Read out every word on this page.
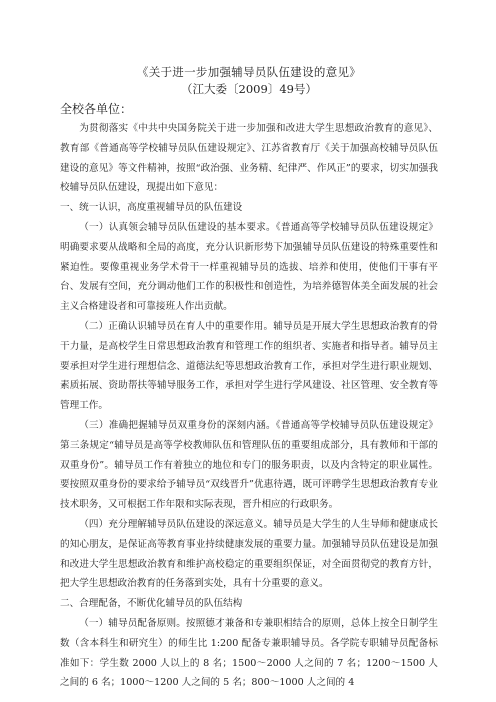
《关于进一步加强辅导员队伍建设的意见》
（江大委〔2009〕49号）
全校各单位：

为贯彻落实《中共中央国务院关于进一步加强和改进大学生思想政治教育的意见》、教育部《普通高等学校辅导员队伍建设规定》、江苏省教育厅《关于加强高校辅导员队伍建设的意见》等文件精神，按照“政治强、业务精、纪律严、作风正”的要求，切实加强我校辅导员队伍建设，现提出如下意见：

一、统一认识，高度重视辅导员的队伍建设

（一）认真领会辅导员队伍建设的基本要求。《普通高等学校辅导员队伍建设规定》明确要求要从战略和全局的高度，充分认识新形势下加强辅导员队伍建设的特殊重要性和紧迫性。要像重视业务学术骨干一样重视辅导员的选拔、培养和使用，使他们干事有平台、发展有空间，充分调动他们工作的积极性和创造性，为培养德智体美全面发展的社会主义合格建设者和可靠接班人作出贡献。

（二）正确认识辅导员在育人中的重要作用。辅导员是开展大学生思想政治教育的骨干力量，是高校学生日常思想政治教育和管理工作的组织者、实施者和指导者。辅导员主要承担对学生进行理想信念、道德法纪等思想政治教育工作，承担对学生进行职业规划、素质拓展、资助帮扶等辅导服务工作，承担对学生进行学风建设、社区管理、安全教育等管理工作。

（三）准确把握辅导员双重身份的深刻内涵。《普通高等学校辅导员队伍建设规定》第三条规定“辅导员是高等学校教师队伍和管理队伍的重要组成部分，具有教师和干部的双重身份”。辅导员工作有着独立的地位和专门的服务职责，以及内含特定的职业属性。要按照双重身份的要求给予辅导员“双线晋升”优惠待遇，既可评聘学生思想政治教育专业技术职务，又可根据工作年限和实际表现，晋升相应的行政职务。

（四）充分理解辅导员队伍建设的深远意义。辅导员是大学生的人生导师和健康成长的知心朋友，是保证高等教育事业持续健康发展的重要力量。加强辅导员队伍建设是加强和改进大学生思想政治教育和维护高校稳定的重要组织保证，对全面贯彻党的教育方针，把大学生思想政治教育的任务落到实处，具有十分重要的意义。

二、合理配备，不断优化辅导员的队伍结构

（一）辅导员配备原则。按照德才兼备和专兼职相结合的原则，总体上按全日制学生数（含本科生和研究生）的师生比 1:200 配备专兼职辅导员。各学院专职辅导员配备标准如下：学生数 2000 人以上的 8 名；1500～2000 人之间的 7 名；1200～1500 人之间的 6 名；1000～1200 人之间的 5 名；800～1000 人之间的 4
